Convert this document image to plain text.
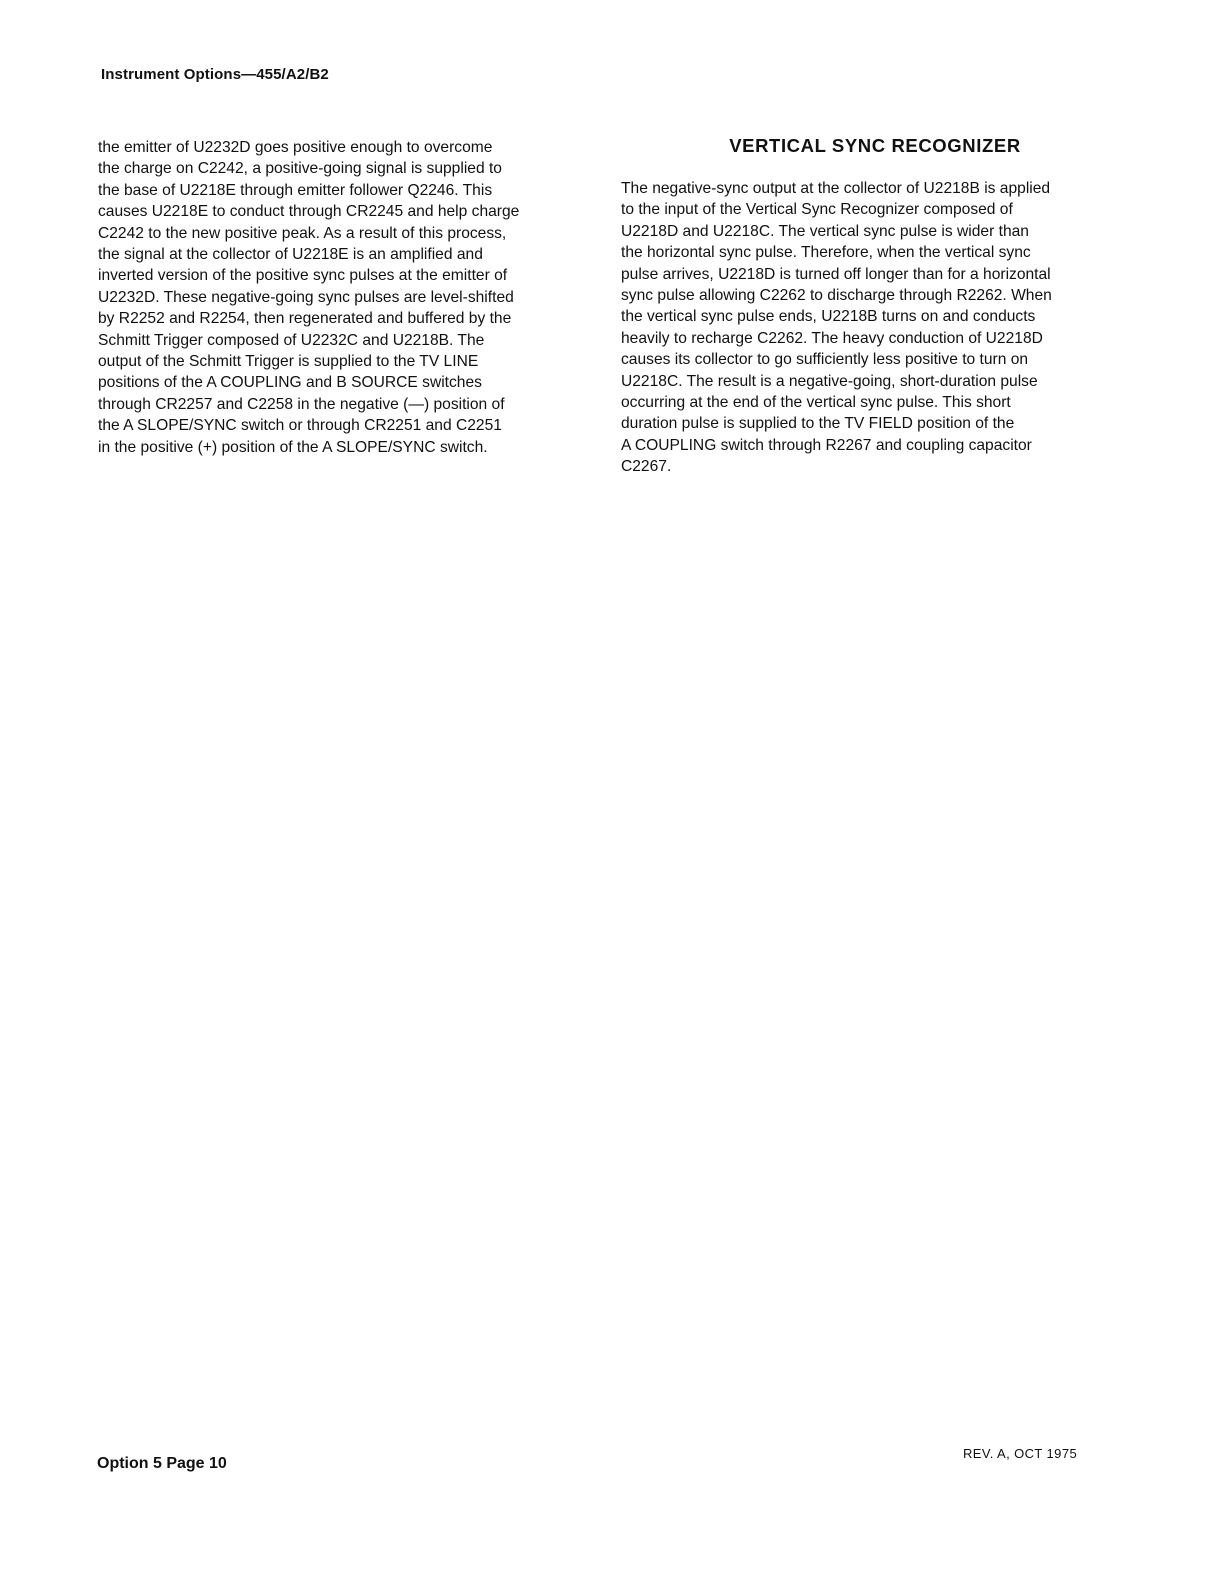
Instrument Options—455/A2/B2
the emitter of U2232D goes positive enough to overcome
the charge on C2242, a positive-going signal is supplied to
the base of U2218E through emitter follower Q2246. This
causes U2218E to conduct through CR2245 and help charge
C2242 to the new positive peak. As a result of this process,
the signal at the collector of U2218E is an amplified and
inverted version of the positive sync pulses at the emitter of
U2232D. These negative-going sync pulses are level-shifted
by R2252 and R2254, then regenerated and buffered by the
Schmitt Trigger composed of U2232C and U2218B. The
output of the Schmitt Trigger is supplied to the TV LINE
positions of the A COUPLING and B SOURCE switches
through CR2257 and C2258 in the negative (—) position of
the A SLOPE/SYNC switch or through CR2251 and C2251
in the positive (+) position of the A SLOPE/SYNC switch.
VERTICAL SYNC RECOGNIZER
The negative-sync output at the collector of U2218B is applied
to the input of the Vertical Sync Recognizer composed of
U2218D and U2218C. The vertical sync pulse is wider than
the horizontal sync pulse. Therefore, when the vertical sync
pulse arrives, U2218D is turned off longer than for a horizontal
sync pulse allowing C2262 to discharge through R2262. When
the vertical sync pulse ends, U2218B turns on and conducts
heavily to recharge C2262. The heavy conduction of U2218D
causes its collector to go sufficiently less positive to turn on
U2218C. The result is a negative-going, short-duration pulse
occurring at the end of the vertical sync pulse. This short
duration pulse is supplied to the TV FIELD position of the
A COUPLING switch through R2267 and coupling capacitor
C2267.
Option 5 Page 10
REV. A, OCT 1975
